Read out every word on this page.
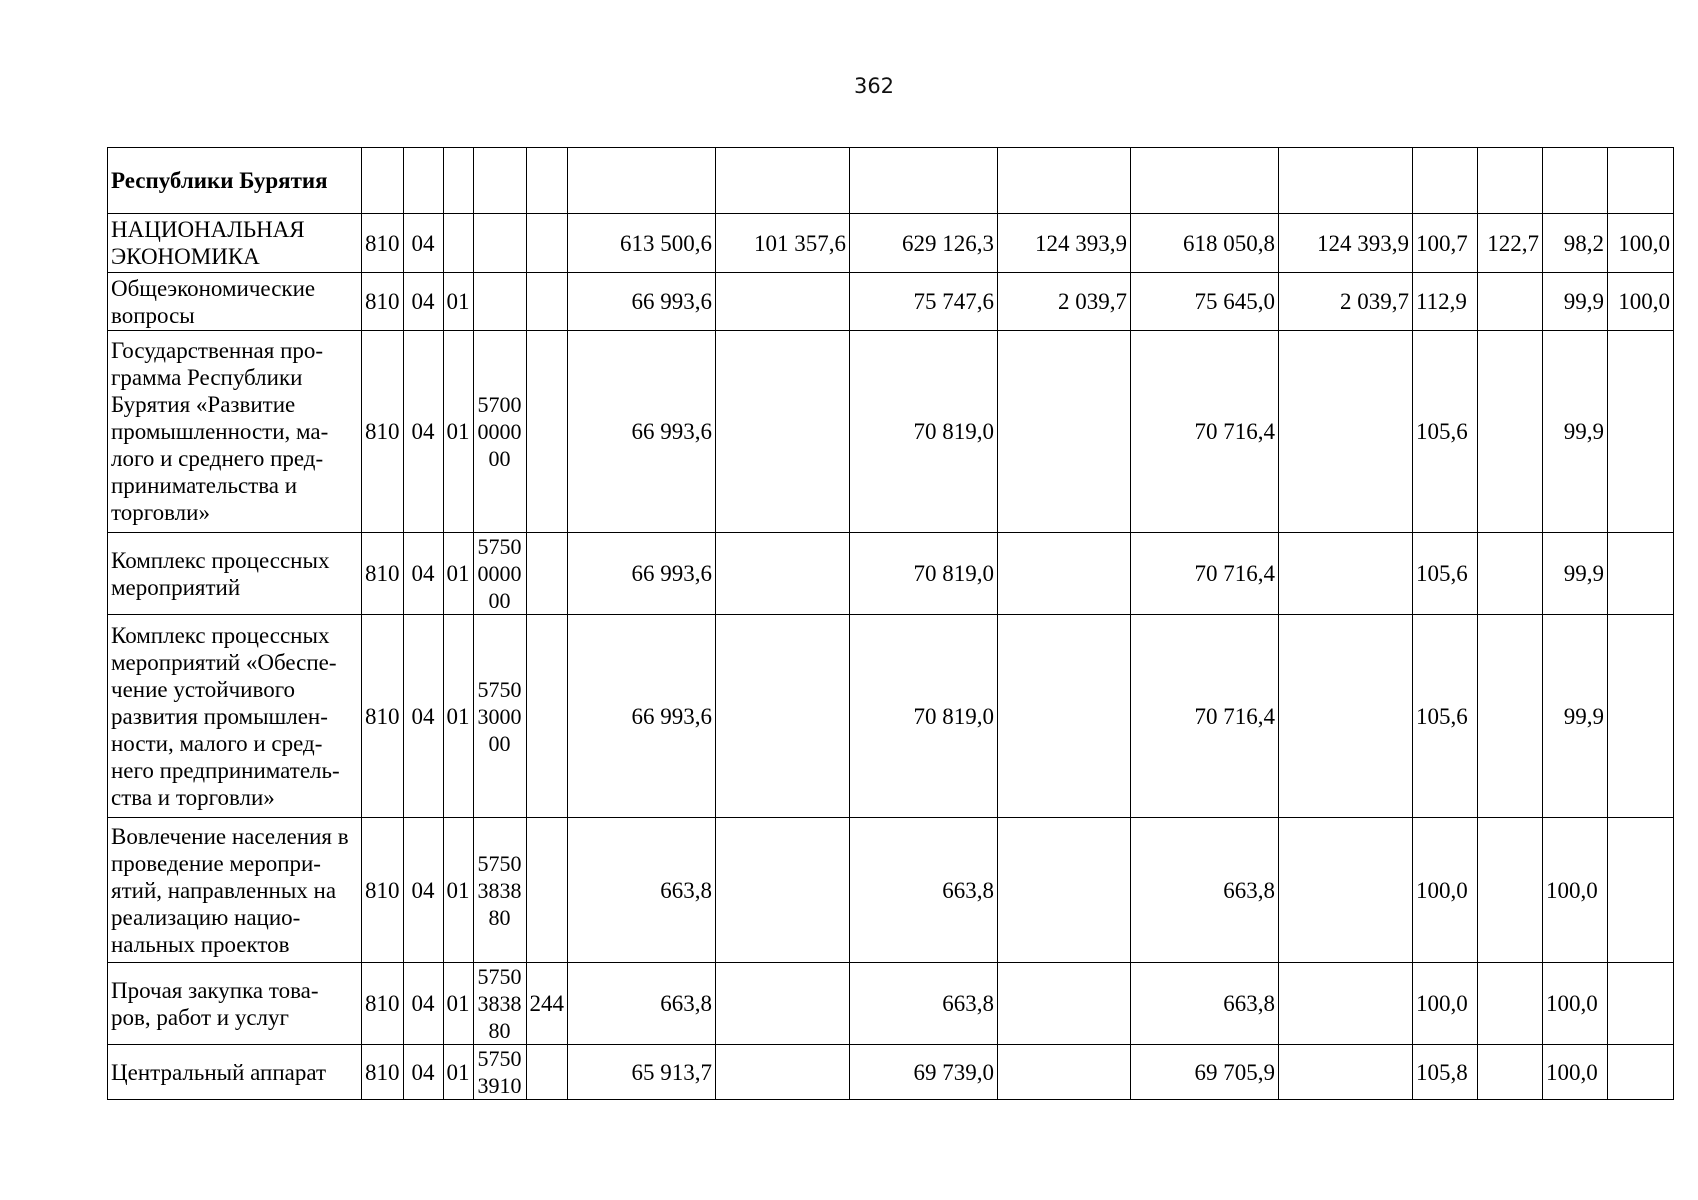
362
Республики Бурятия															
НАЦИОНАЛЬНАЯ ЭКОНОМИКА	810	04				613 500,6	101 357,6	629 126,3	124 393,9	618 050,8	124 393,9	100,7	122,7	98,2	100,0
Общеэкономические вопросы	810	04	01			66 993,6		75 747,6	2 039,7	75 645,0	2 039,7	112,9		99,9	100,0
Государственная про-грамма Республики Бурятия «Развитие промышленности, ма-лого и среднего пред-принимательства и торговли»	810	04	01	5700 0000 00		66 993,6		70 819,0		70 716,4		105,6		99,9	
Комплекс процессных мероприятий	810	04	01	5750 0000 00		66 993,6		70 819,0		70 716,4		105,6		99,9	
Комплекс процессных мероприятий «Обеспе-чение устойчивого развития промышлен-ности, малого и сред-него предприниматель-ства и торговли»	810	04	01	5750 3000 00		66 993,6		70 819,0		70 716,4		105,6		99,9	
Вовлечение населения в проведение меропри-ятий, направленных на реализацию нацио-нальных проектов	810	04	01	5750 3838 80		663,8		663,8		663,8		100,0		100,0	
Прочая закупка това-ров, работ и услуг	810	04	01	5750 3838 80	244	663,8		663,8		663,8		100,0		100,0	
Центральный аппарат	810	04	01	5750 3910		65 913,7		69 739,0		69 705,9		105,8		100,0	
